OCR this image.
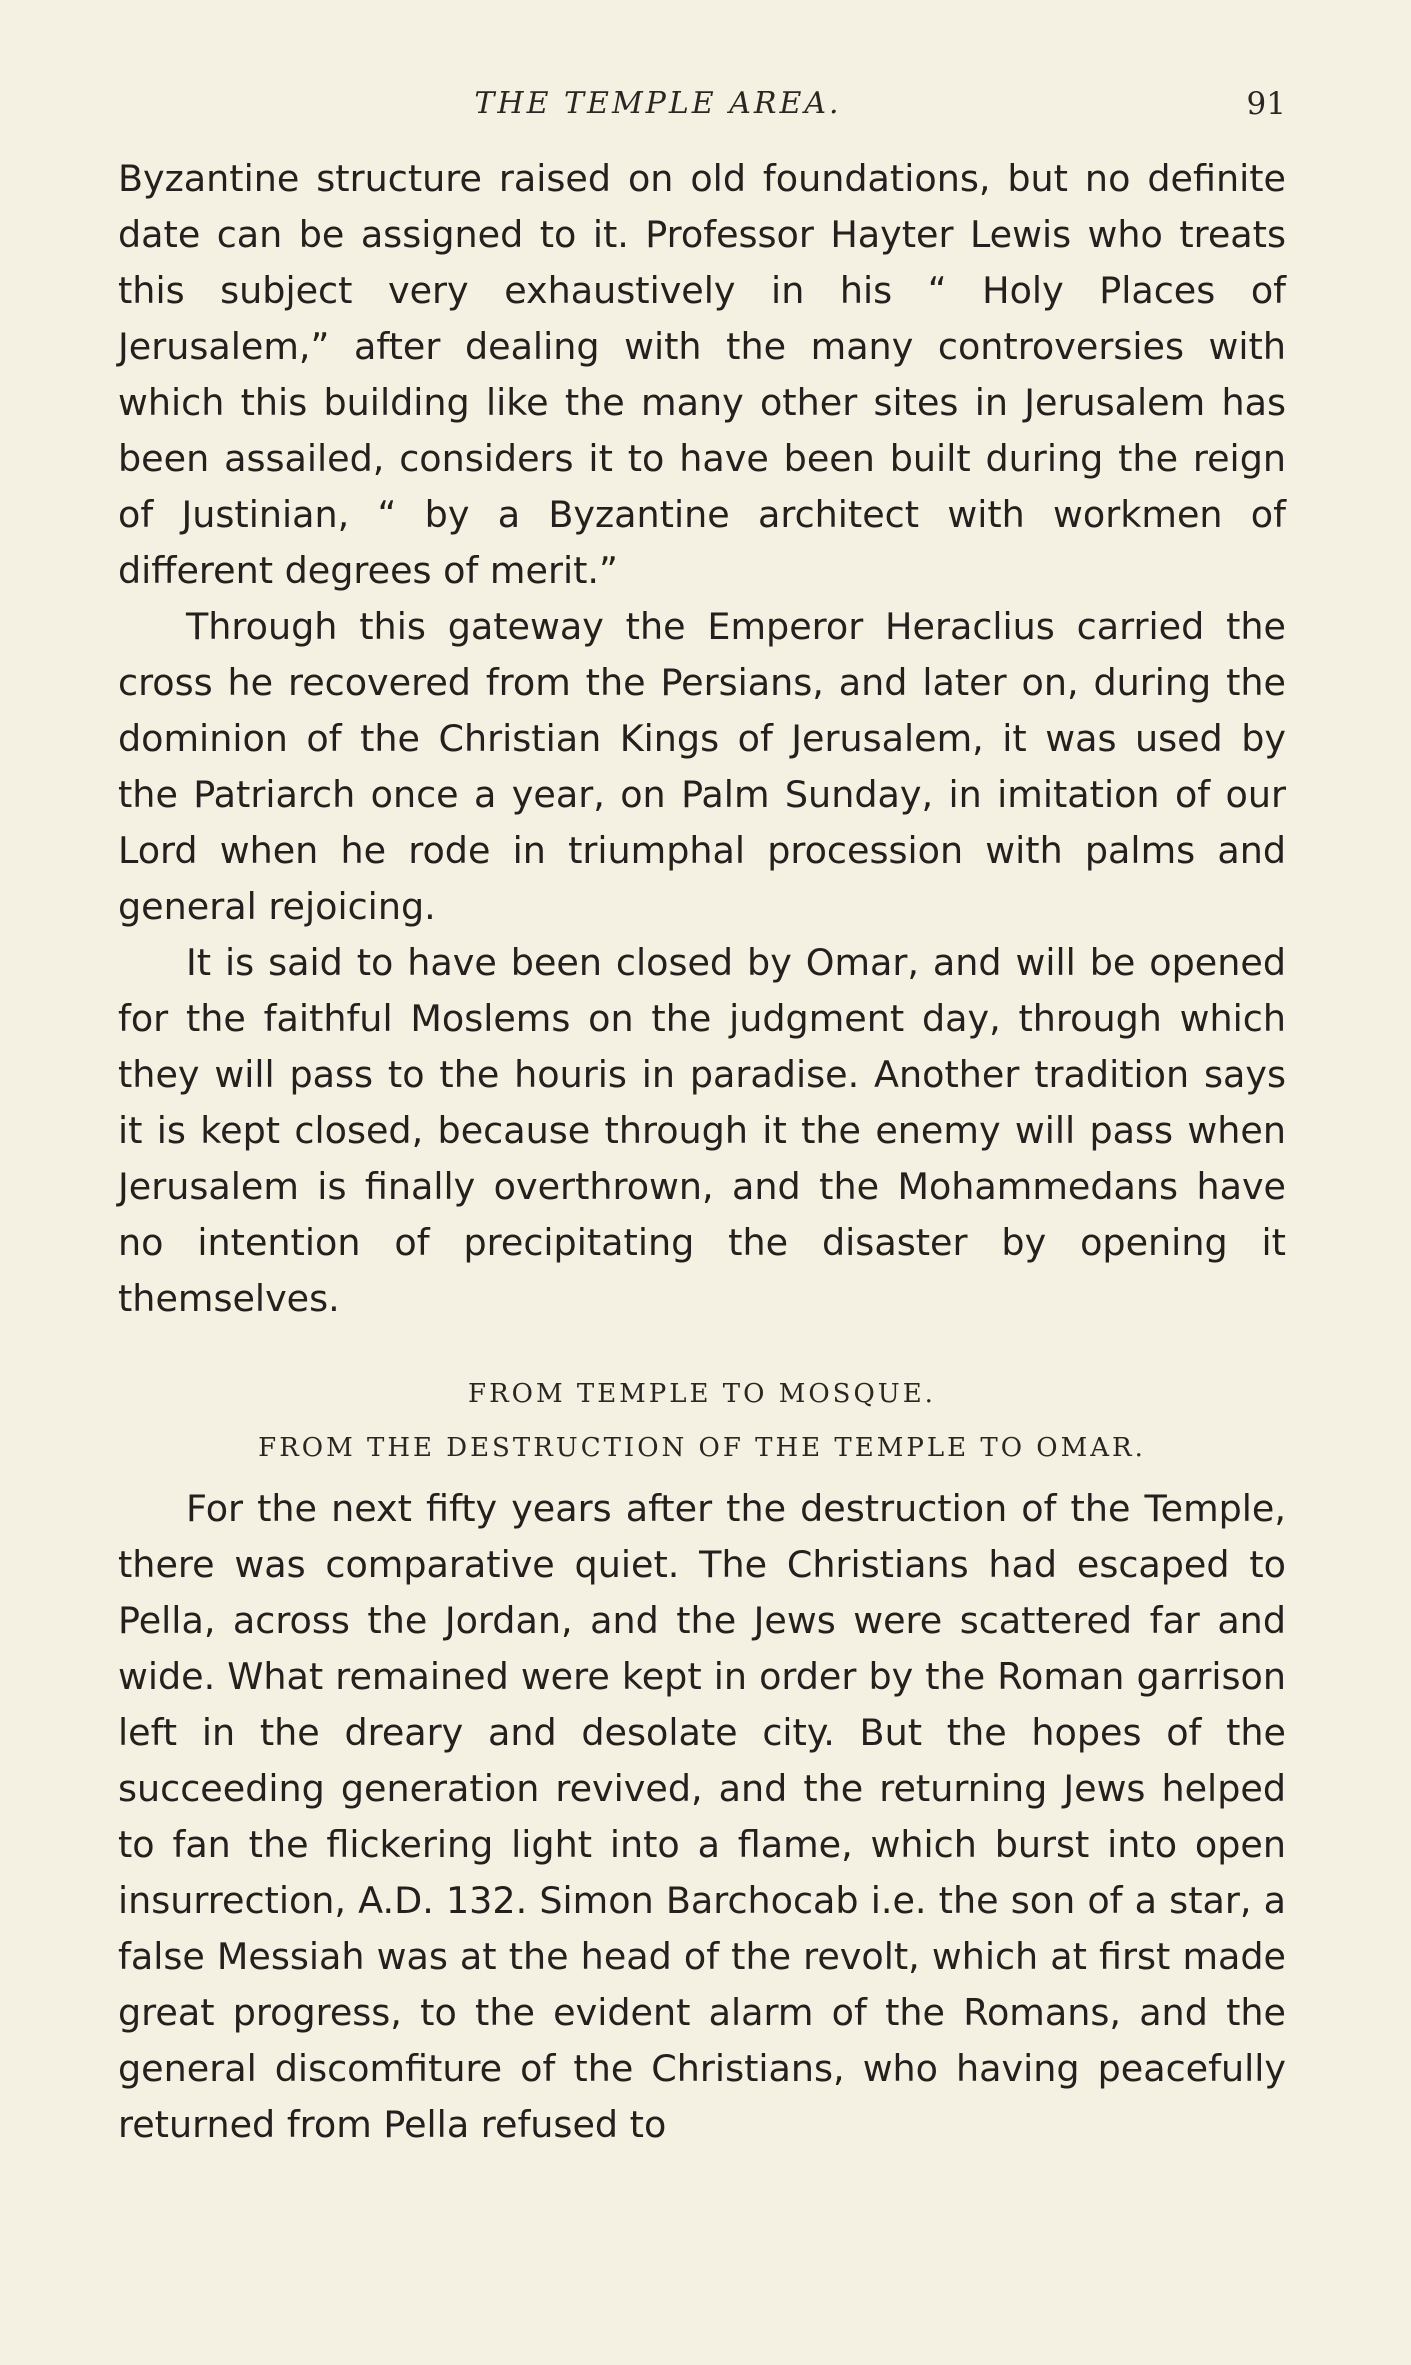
THE TEMPLE AREA.	91

Byzantine structure raised on old foundations, but no definite date can be assigned to it. Professor Hayter Lewis who treats this subject very exhaustively in his “ Holy Places of Jerusalem,” after dealing with the many controversies with which this building like the many other sites in Jerusalem has been assailed, considers it to have been built during the reign of Justinian, “ by a Byzantine architect with workmen of different degrees of merit.”

Through this gateway the Emperor Heraclius carried the cross he recovered from the Persians, and later on, during the dominion of the Christian Kings of Jerusalem, it was used by the Patriarch once a year, on Palm Sunday, in imitation of our Lord when he rode in triumphal procession with palms and general rejoicing.

It is said to have been closed by Omar, and will be opened for the faithful Moslems on the judgment day, through which they will pass to the houris in paradise. Another tradition says it is kept closed, because through it the enemy will pass when Jerusalem is finally overthrown, and the Mohammedans have no intention of precipitating the disaster by opening it themselves.

FROM TEMPLE TO MOSQUE.

FROM THE DESTRUCTION OF THE TEMPLE TO OMAR.

For the next fifty years after the destruction of the Temple, there was comparative quiet. The Christians had escaped to Pella, across the Jordan, and the Jews were scattered far and wide. What remained were kept in order by the Roman garrison left in the dreary and desolate city. But the hopes of the succeeding generation revived, and the returning Jews helped to fan the flickering light into a flame, which burst into open insurrection, A.D. 132. Simon Barchocab i.e. the son of a star, a false Messiah was at the head of the revolt, which at first made great progress, to the evident alarm of the Romans, and the general discomfiture of the Christians, who having peacefully returned from Pella refused to
